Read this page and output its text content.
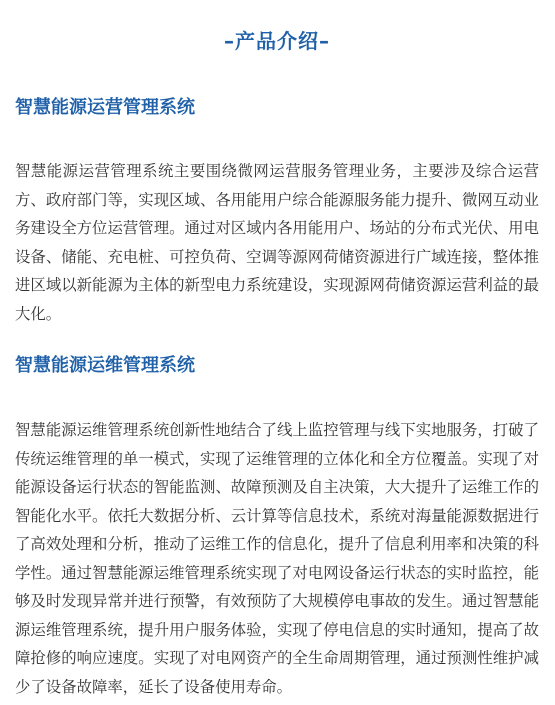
–产品介绍–
智慧能源运营管理系统

智慧能源运营管理系统主要围绕微网运营服务管理业务，主要涉及综合运营方、政府部门等，实现区域、各用能用户综合能源服务能力提升、微网互动业务建设全方位运营管理。通过对区域内各用能用户、场站的分布式光伏、用电设备、储能、充电桩、可控负荷、空调等源网荷储资源进行广域连接，整体推进区域以新能源为主体的新型电力系统建设，实现源网荷储资源运营利益的最大化。

智慧能源运维管理系统

智慧能源运维管理系统创新性地结合了线上监控管理与线下实地服务，打破了传统运维管理的单一模式，实现了运维管理的立体化和全方位覆盖。实现了对能源设备运行状态的智能监测、故障预测及自主决策，大大提升了运维工作的智能化水平。依托大数据分析、云计算等信息技术，系统对海量能源数据进行了高效处理和分析，推动了运维工作的信息化，提升了信息利用率和决策的科学性。通过智慧能源运维管理系统实现了对电网设备运行状态的实时监控，能够及时发现异常并进行预警，有效预防了大规模停电事故的发生。通过智慧能源运维管理系统，提升用户服务体验，实现了停电信息的实时通知，提高了故障抢修的响应速度。实现了对电网资产的全生命周期管理，通过预测性维护减少了设备故障率，延长了设备使用寿命。
